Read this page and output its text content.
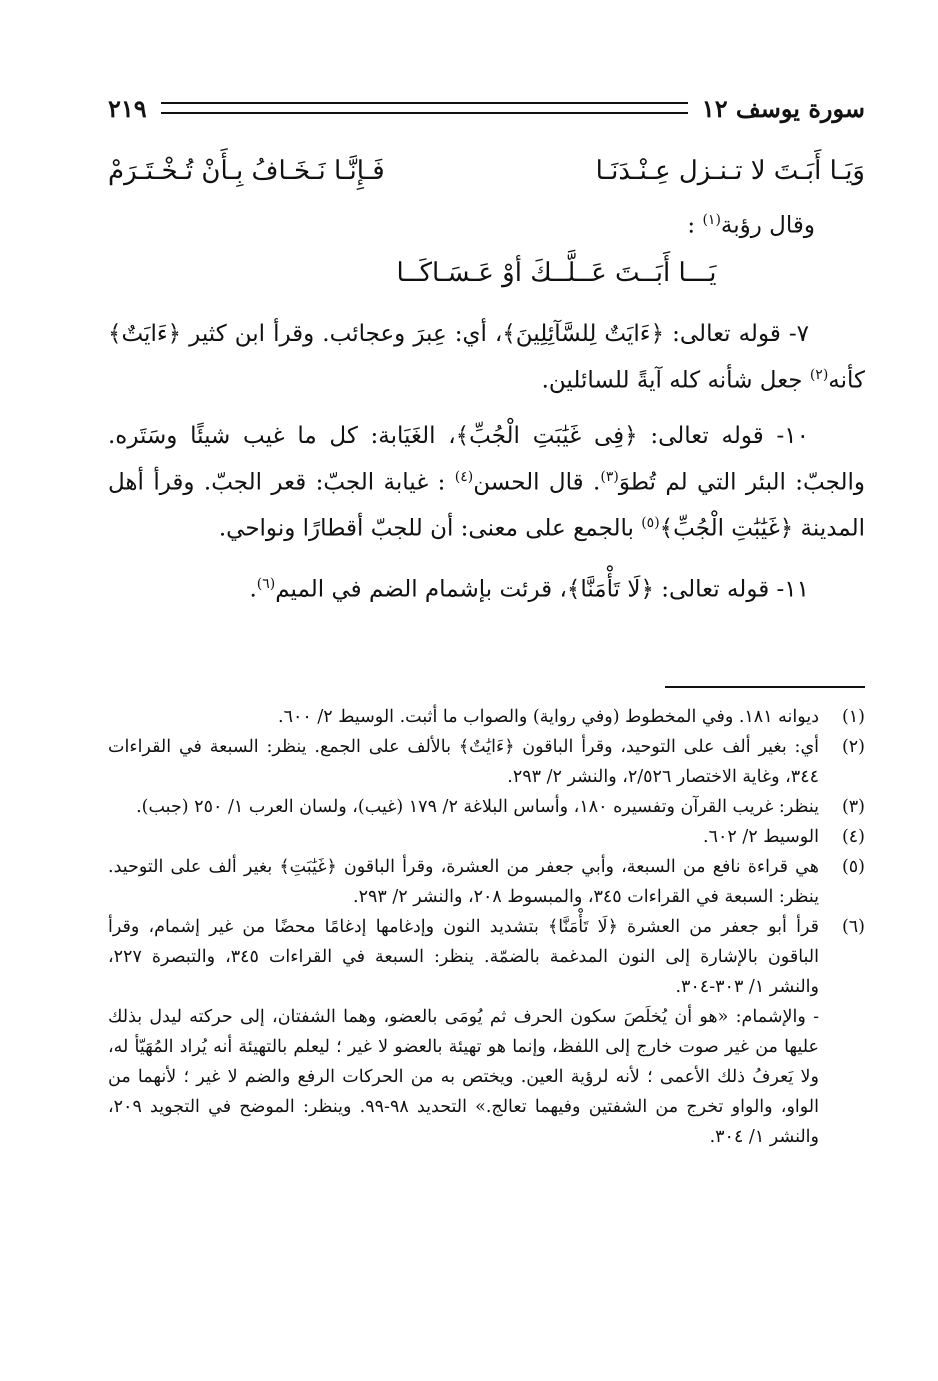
سورة يوسف ١٢
٢١٩
وَيَـا أَبَـتَ لا تـنـزل عِـنْـدَنَـا
فَـإِنَّـا نَـخَـافُ بِـأَنْ تُـخْـتَـرَمْ
وقال رؤبة$^{(١)}$ :
يَـــا أَبَــتَ عَــلَّــكَ أوْ عَـسَـاكَــا

٧- قوله تعالى: ﴿ءَايَتٌ لِلسَّآئِلِينَ﴾، أي: عِبرَ وعجائب. وقرأ ابن كثير ﴿ءَايَتٌ﴾ كأنه$^{(٢)}$ جعل شأنه كله آيةً للسائلين.

١٠- قوله تعالى: ﴿فِى غَيَٰبَتِ الْجُبِّ﴾، الغَيَابة: كل ما غيب شيئًا وسَتَره. والجبّ: البئر التي لم تُطوَ$^{(٣)}$. قال الحسن$^{(٤)}$ : غيابة الجبّ: قعر الجبّ. وقرأ أهل المدينة ﴿غَيَٰبَٰتِ الْجُبِّ﴾$^{(٥)}$ بالجمع على معنى: أن للجبّ أقطارًا ونواحي.

١١- قوله تعالى: ﴿لَا تَأْمَنَّا﴾، قرئت بإشمام الضم في الميم$^{(٦)}$.

(١)
ديوانه ١٨١. وفي المخطوط (وفي رواية) والصواب ما أثبت. الوسيط ٢/ ٦٠٠.
(٢)
أي: بغير ألف على التوحيد، وقرأ الباقون ﴿ءَايَٰتٌ﴾ بالألف على الجمع. ينظر: السبعة في القراءات ٣٤٤، وغاية الاختصار ٢/٥٢٦، والنشر ٢/ ٢٩٣.
(٣)
ينظر: غريب القرآن وتفسيره ١٨٠، وأساس البلاغة ٢/ ١٧٩ (غيب)، ولسان العرب ١/ ٢٥٠ (جبب).
(٤)
الوسيط ٢/ ٦٠٢.
(٥)
هي قراءة نافع من السبعة، وأبي جعفر من العشرة، وقرأ الباقون ﴿غَيَٰبَتِ﴾ بغير ألف على التوحيد. ينظر: السبعة في القراءات ٣٤٥، والمبسوط ٢٠٨، والنشر ٢/ ٢٩٣.
(٦)
قرأ أبو جعفر من العشرة ﴿لَا تَأْمَنَّا﴾ بتشديد النون وإدغامها إدغامًا محضًا من غير إشمام، وقرأ الباقون بالإشارة إلى النون المدغمة بالضمّة. ينظر: السبعة في القراءات ٣٤٥، والتبصرة ٢٢٧، والنشر ١/ ٣٠٣-٣٠٤.
- والإشمام: «هو أن يُخلَصَ سكون الحرف ثم يُومَى بالعضو، وهما الشفتان، إلى حركته ليدل بذلك عليها من غير صوت خارج إلى اللفظ، وإنما هو تهيئة بالعضو لا غير ؛ ليعلم بالتهيئة أنه يُراد المُهَيّأ له، ولا يَعرفُ ذلك الأعمى ؛ لأنه لرؤية العين. ويختص به من الحركات الرفع والضم لا غير ؛ لأنهما من الواو، والواو تخرج من الشفتين وفيهما تعالج.» التحديد ٩٨-٩٩. وينظر: الموضح في التجويد ٢٠٩، والنشر ١/ ٣٠٤.
